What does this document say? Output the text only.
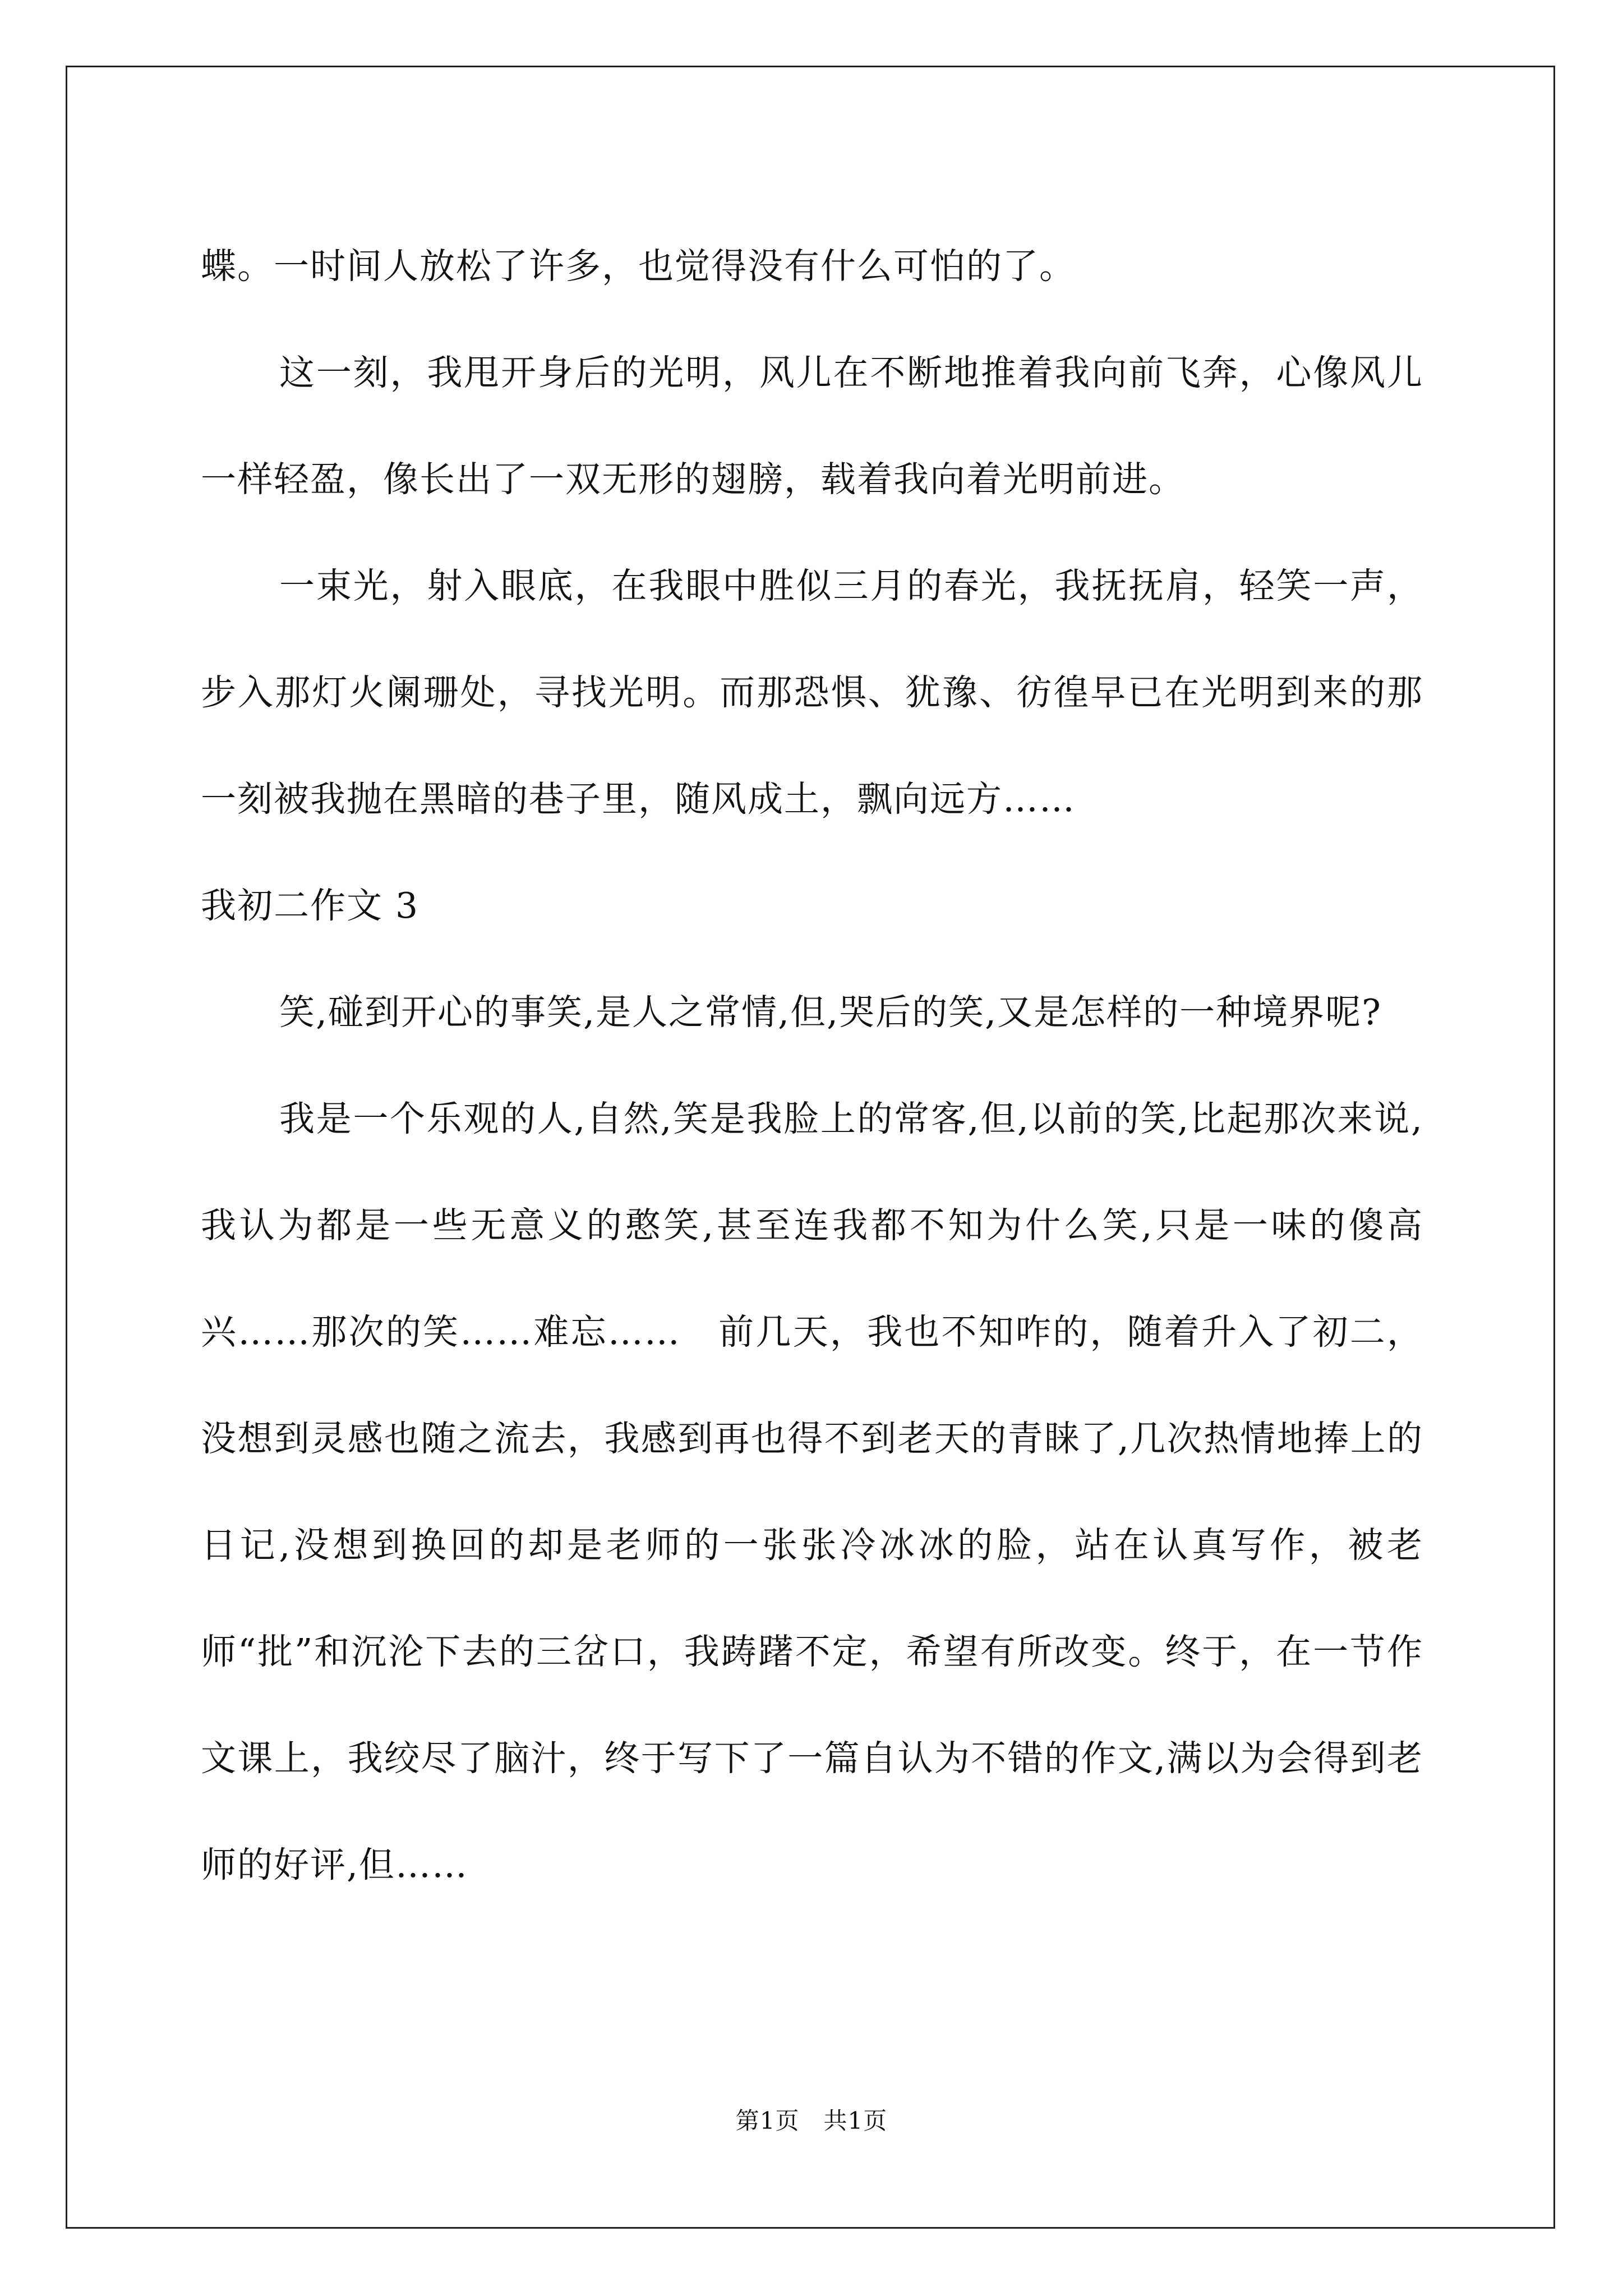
蝶。一时间人放松了许多，也觉得没有什么可怕的了。

这一刻，我甩开身后的光明，风儿在不断地推着我向前飞奔，心像风儿一样轻盈，像长出了一双无形的翅膀，载着我向着光明前进。

一束光，射入眼底，在我眼中胜似三月的春光，我抚抚肩，轻笑一声，步入那灯火阑珊处，寻找光明。而那恐惧、犹豫、彷徨早已在光明到来的那一刻被我抛在黑暗的巷子里，随风成土，飘向远方……

我初二作文 3

笑,碰到开心的事笑,是人之常情,但,哭后的笑,又是怎样的一种境界呢?

我是一个乐观的人,自然,笑是我脸上的常客,但,以前的笑,比起那次来说,我认为都是一些无意义的憨笑,甚至连我都不知为什么笑,只是一味的傻高兴……那次的笑……难忘……　前几天，我也不知咋的，随着升入了初二，没想到灵感也随之流去，我感到再也得不到老天的青睐了,几次热情地捧上的日记,没想到换回的却是老师的一张张冷冰冰的脸，站在认真写作，被老师“批”和沉沦下去的三岔口，我踌躇不定，希望有所改变。终于，在一节作文课上，我绞尽了脑汁，终于写下了一篇自认为不错的作文,满以为会得到老师的好评,但……

第1页　共1页
